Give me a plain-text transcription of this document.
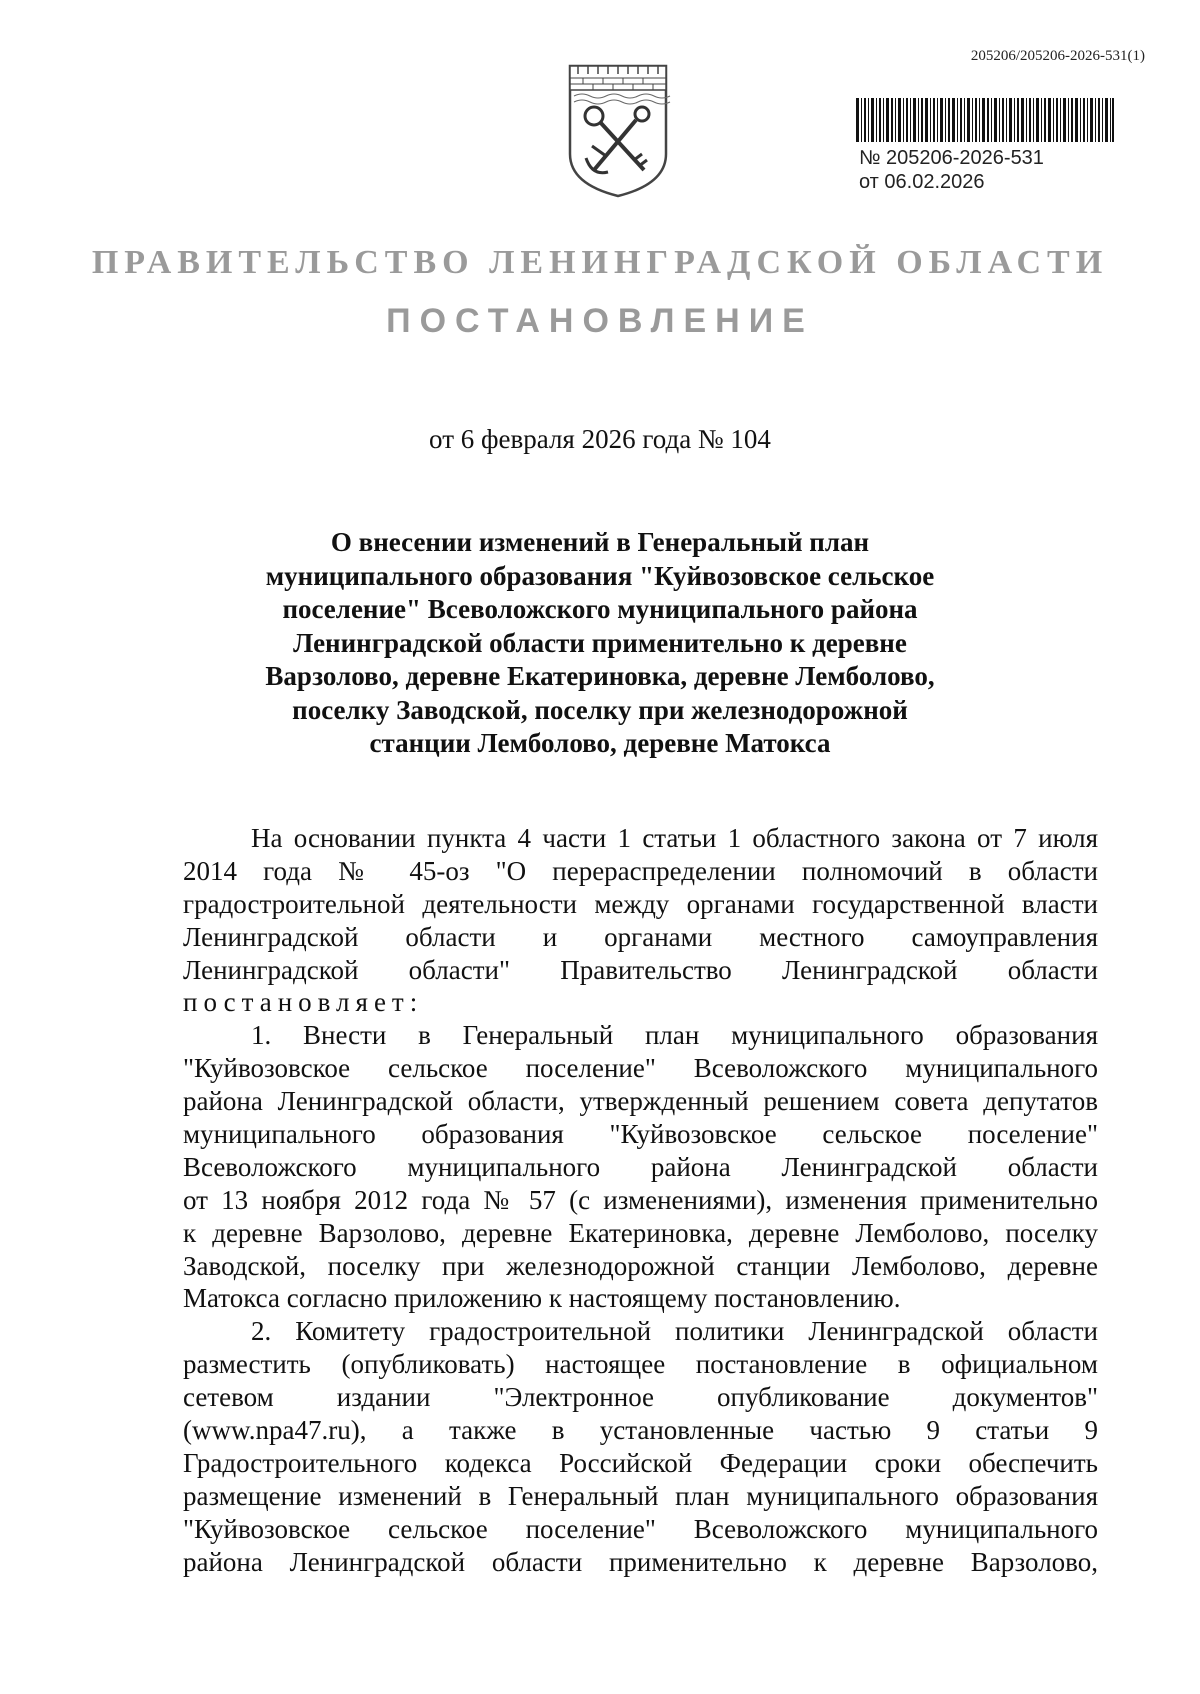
205206/205206-2026-531(1)
№ 205206-2026-531
от 06.02.2026
ПРАВИТЕЛЬСТВО ЛЕНИНГРАДСКОЙ ОБЛАСТИ
ПОСТАНОВЛЕНИЕ
от 6 февраля 2026 года № 104
О внесении изменений в Генеральный план
муниципального образования "Куйвозовское сельское
поселение" Всеволожского муниципального района
Ленинградской области применительно к деревне
Варзолово, деревне Екатериновка, деревне Лемболово,
поселку Заводской, поселку при железнодорожной
станции Лемболово, деревне Матокса
На основании пункта 4 части 1 статьи 1 областного закона от 7 июля
2014 года № 45-оз "О перераспределении полномочий в области
градостроительной деятельности между органами государственной власти
Ленинградской области и органами местного самоуправления
Ленинградской области" Правительство Ленинградской области
постановляет:
1. Внести в Генеральный план муниципального образования
"Куйвозовское сельское поселение" Всеволожского муниципального
района Ленинградской области, утвержденный решением совета депутатов
муниципального образования "Куйвозовское сельское поселение"
Всеволожского муниципального района Ленинградской области
от 13 ноября 2012 года № 57 (с изменениями), изменения применительно
к деревне Варзолово, деревне Екатериновка, деревне Лемболово, поселку
Заводской, поселку при железнодорожной станции Лемболово, деревне
Матокса согласно приложению к настоящему постановлению.
2. Комитету градостроительной политики Ленинградской области
разместить (опубликовать) настоящее постановление в официальном
сетевом издании "Электронное опубликование документов"
(www.npa47.ru), а также в установленные частью 9 статьи 9
Градостроительного кодекса Российской Федерации сроки обеспечить
размещение изменений в Генеральный план муниципального образования
"Куйвозовское сельское поселение" Всеволожского муниципального
района Ленинградской области применительно к деревне Варзолово,
